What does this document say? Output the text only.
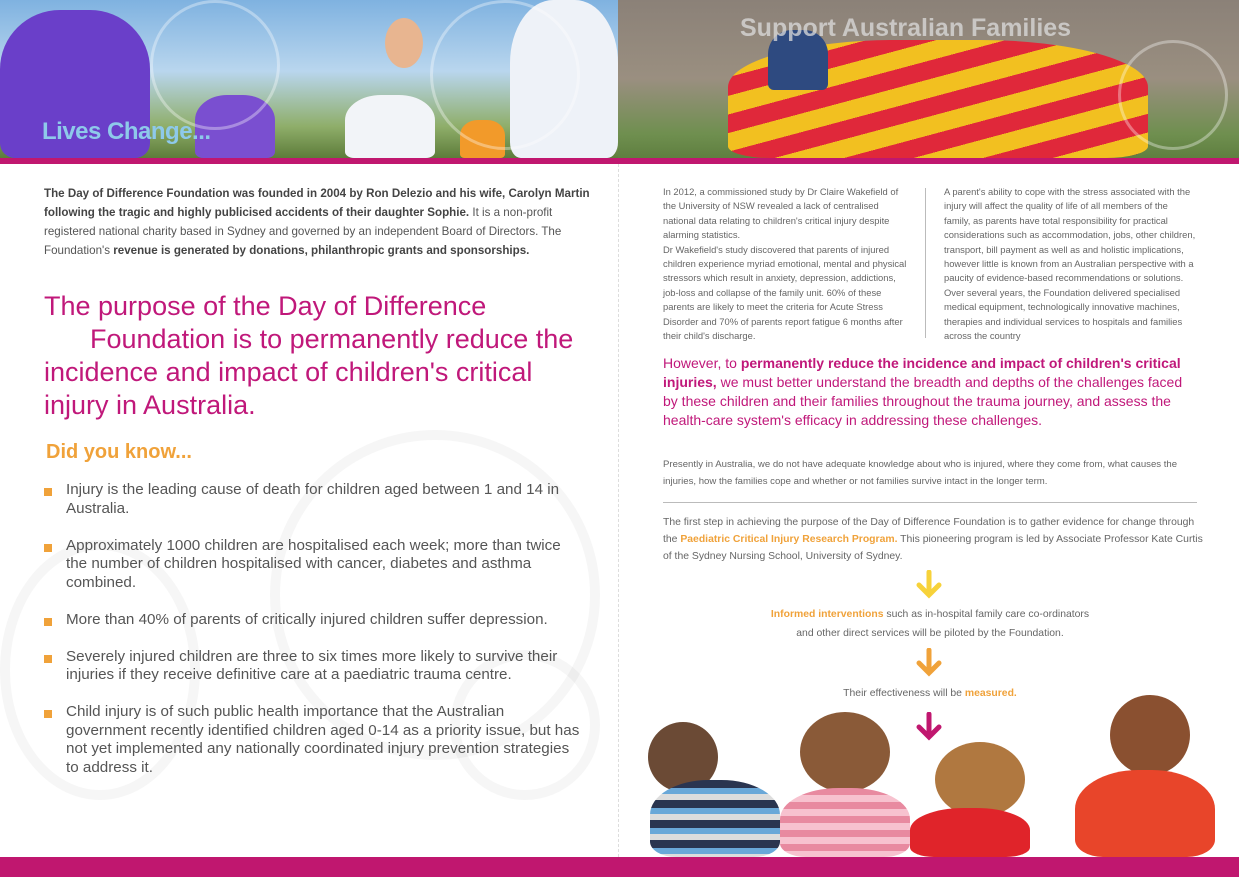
Lives Change...
Support Australian Families

The Day of Difference Foundation was founded in 2004 by Ron Delezio and his wife, Carolyn Martin following the tragic and highly publicised accidents of their daughter Sophie. It is a non-profit registered national charity based in Sydney and governed by an independent Board of Directors. The Foundation's revenue is generated by donations, philanthropic grants and sponsorships.

The purpose of the Day of Difference
Foundation is to permanently reduce the incidence and impact of children's critical injury in Australia.
Did you know...
Injury is the leading cause of death for children aged between 1 and 14 in Australia.
Approximately 1000 children are hospitalised each week; more than twice the number of children hospitalised with cancer, diabetes and asthma combined.
More than 40% of parents of critically injured children suffer depression.
Severely injured children are three to six times more likely to survive their injuries if they receive definitive care at a paediatric trauma centre.
Child injury is of such public health importance that the Australian government recently identified children aged 0-14 as a priority issue, but has not yet implemented any nationally coordinated injury prevention strategies to address it.
In 2012, a commissioned study by Dr Claire Wakefield of the University of NSW revealed a lack of centralised national data relating to children's critical injury despite alarming statistics.
Dr Wakefield's study discovered that parents of injured children experience myriad emotional, mental and physical stressors which result in anxiety, depression, addictions, job-loss and collapse of the family unit. 60% of these parents are likely to meet the criteria for Acute Stress Disorder and 70% of parents report fatigue 6 months after their child's discharge.
A parent's ability to cope with the stress associated with the injury will affect the quality of life of all members of the family, as parents have total responsibility for practical considerations such as accommodation, jobs, other children, transport, bill payment as well as and holistic implications, however little is known from an Australian perspective with a paucity of evidence-based recommendations or solutions. Over several years, the Foundation delivered specialised medical equipment, technologically innovative machines, therapies and individual services to hospitals and families across the country

However, to permanently reduce the incidence and impact of children's critical injuries, we must better understand the breadth and depths of the challenges faced by these children and their families throughout the trauma journey, and assess the health-care system's efficacy in addressing these challenges.

Presently in Australia, we do not have adequate knowledge about who is injured, where they come from, what causes the injuries, how the families cope and whether or not families survive intact in the longer term.

The first step in achieving the purpose of the Day of Difference Foundation is to gather evidence for change through the Paediatric Critical Injury Research Program. This pioneering program is led by Associate Professor Kate Curtis of the Sydney Nursing School, University of Sydney.

Informed interventions such as in-hospital family care co-ordinators
and other direct services will be piloted by the Foundation.
Their effectiveness will be measured.
